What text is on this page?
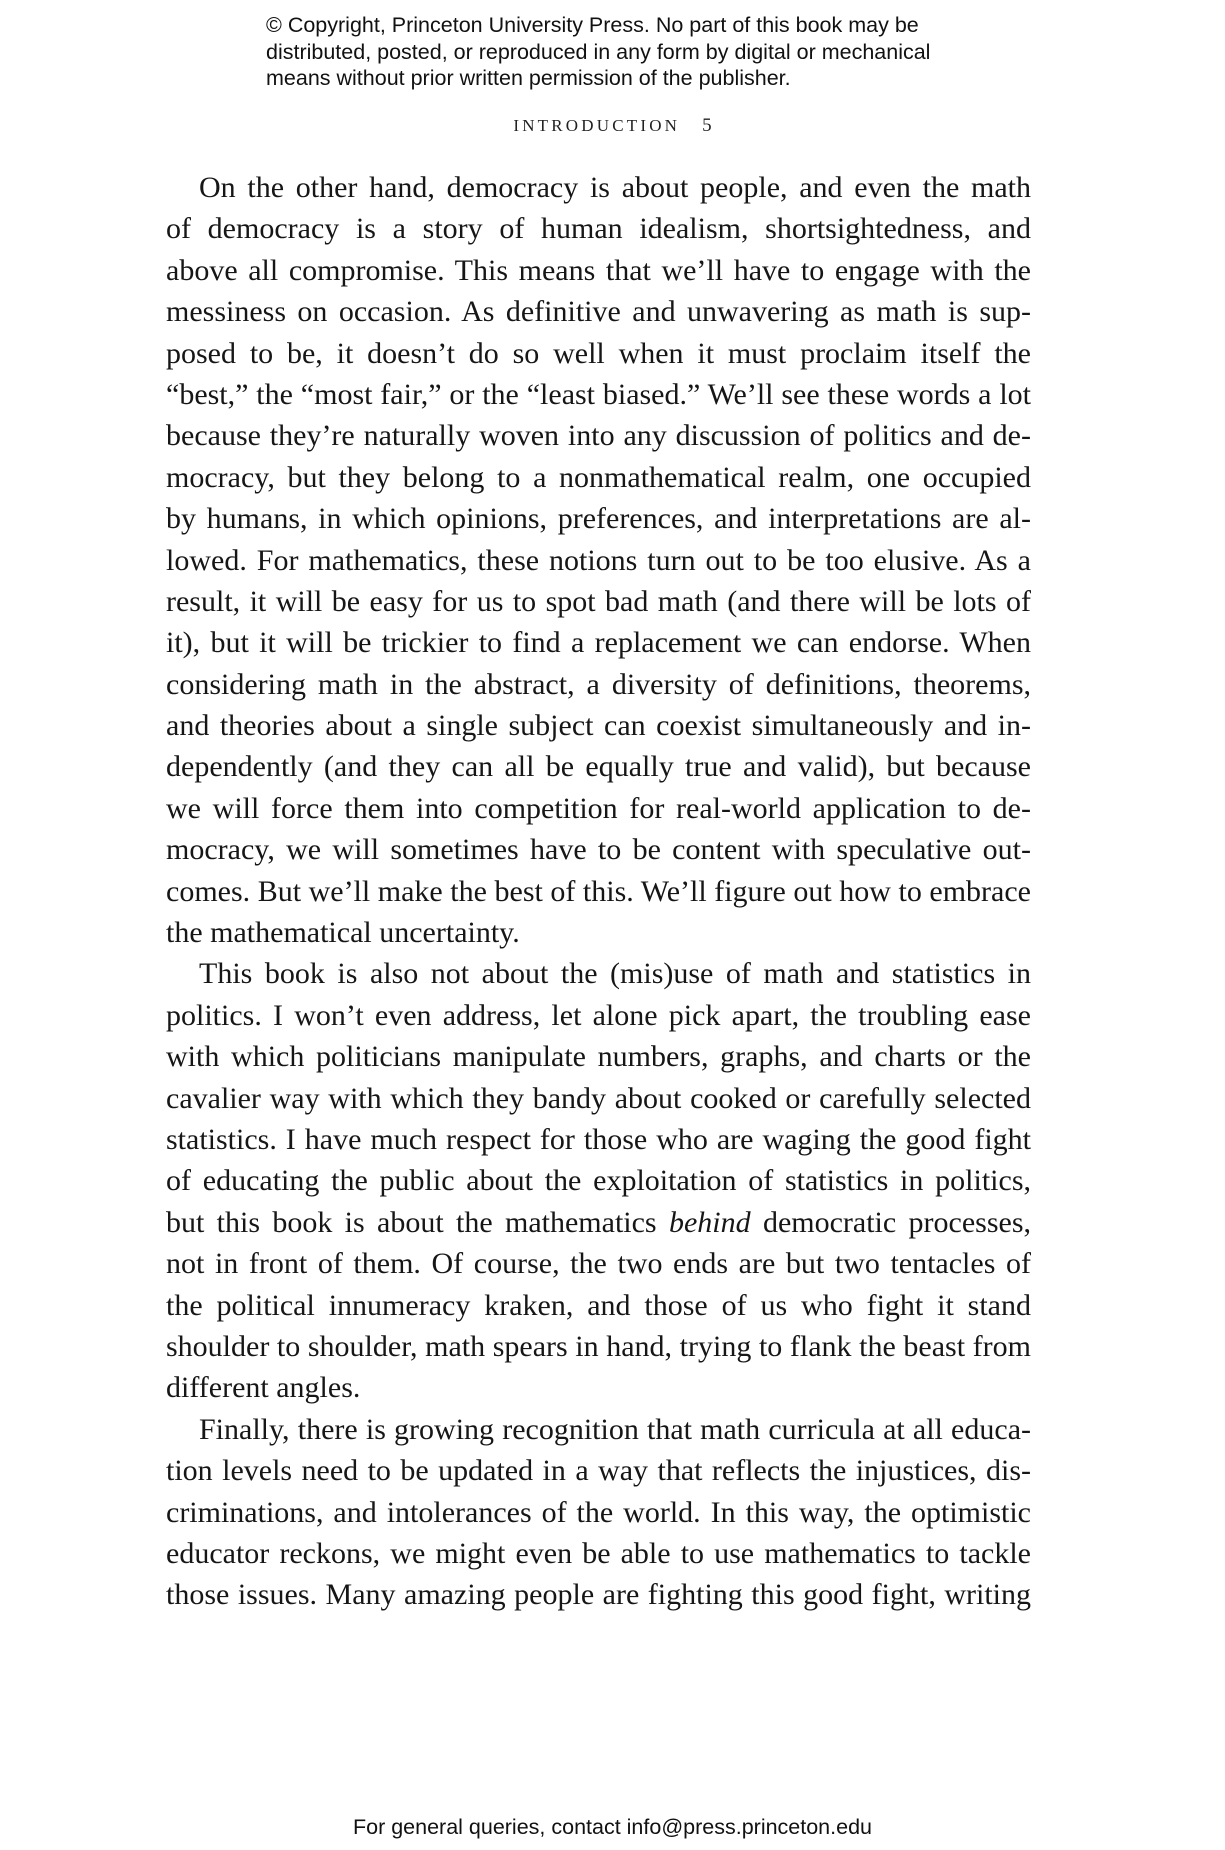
© Copyright, Princeton University Press. No part of this book may be
distributed, posted, or reproduced in any form by digital or mechanical
means without prior written permission of the publisher.
INTRODUCTION 5
On the other hand, democracy is about people, and even the math
of democracy is a story of human idealism, shortsightedness, and
above all compromise. This means that we’ll have to engage with the
messiness on occasion. As definitive and unwavering as math is sup-
posed to be, it doesn’t do so well when it must proclaim itself the
“best,” the “most fair,” or the “least biased.” We’ll see these words a lot
because they’re naturally woven into any discussion of politics and de-
mocracy, but they belong to a nonmathematical realm, one occupied
by humans, in which opinions, preferences, and interpretations are al-
lowed. For mathematics, these notions turn out to be too elusive. As a
result, it will be easy for us to spot bad math (and there will be lots of
it), but it will be trickier to find a replacement we can endorse. When
considering math in the abstract, a diversity of definitions, theorems,
and theories about a single subject can coexist simultaneously and in-
dependently (and they can all be equally true and valid), but because
we will force them into competition for real-world application to de-
mocracy, we will sometimes have to be content with speculative out-
comes. But we’ll make the best of this. We’ll figure out how to embrace
the mathematical uncertainty.
This book is also not about the (mis)use of math and statistics in
politics. I won’t even address, let alone pick apart, the troubling ease
with which politicians manipulate numbers, graphs, and charts or the
cavalier way with which they bandy about cooked or carefully selected
statistics. I have much respect for those who are waging the good fight
of educating the public about the exploitation of statistics in politics,
but this book is about the mathematics behind democratic processes,
not in front of them. Of course, the two ends are but two tentacles of
the political innumeracy kraken, and those of us who fight it stand
shoulder to shoulder, math spears in hand, trying to flank the beast from
different angles.
Finally, there is growing recognition that math curricula at all educa-
tion levels need to be updated in a way that reflects the injustices, dis-
criminations, and intolerances of the world. In this way, the optimistic
educator reckons, we might even be able to use mathematics to tackle
those issues. Many amazing people are fighting this good fight, writing
For general queries, contact info@press.princeton.edu
